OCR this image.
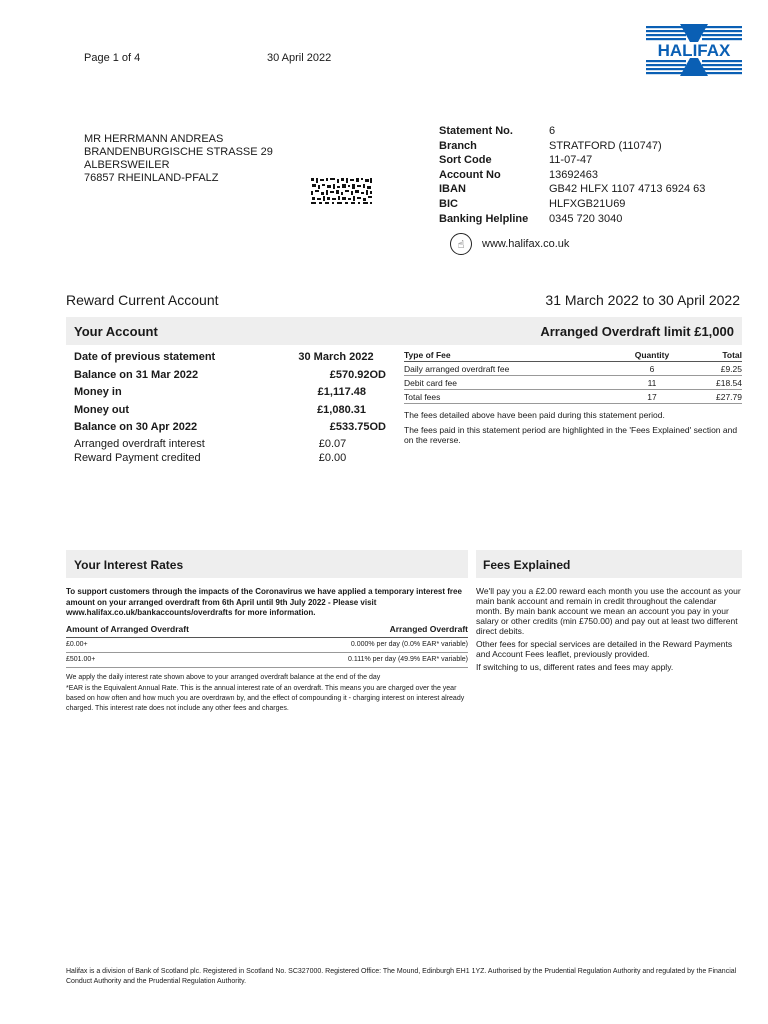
Page 1 of 4	30 April 2022	HALIFAX
MR HERRMANN ANDREAS
BRANDENBURGISCHE STRASSE 29
ALBERSWEILER
76857 RHEINLAND-PFALZ
Statement No.	6
Branch	STRATFORD (110747)
Sort Code	11-07-47
Account No	13692463
IBAN	GB42 HLFX 1107 4713 6924 63
BIC	HLFXGB21U69
Banking Helpline	0345 720 3040
☝	www.halifax.co.uk
Reward Current Account	31 March 2022 to 30 April 2022
Your Account	Arranged Overdraft limit £1,000
Date of previous statement	30 March 2022
Balance on 31 Mar 2022	£570.92OD
Money in	£1,117.48
Money out	£1,080.31
Balance on 30 Apr 2022	£533.75OD
Arranged overdraft interest	£0.07
Reward Payment credited	£0.00
Type of Fee	Quantity	Total
Daily arranged overdraft fee	6	£9.25
Debit card fee	11	£18.54
Total fees	17	£27.79
The fees detailed above have been paid during this statement period.
The fees paid in this statement period are highlighted in the 'Fees Explained' section and on the reverse.
Your Interest Rates	Fees Explained
To support customers through the impacts of the Coronavirus we have applied a temporary interest free amount on your arranged overdraft from 6th April until 9th July 2022 - Please visit www.halifax.co.uk/bankaccounts/overdrafts for more information.
Amount of Arranged Overdraft	Arranged Overdraft
£0.00+	0.000% per day (0.0% EAR* variable)
£501.00+	0.111% per day (49.9% EAR* variable)
We apply the daily interest rate shown above to your arranged overdraft balance at the end of the day
*EAR is the Equivalent Annual Rate. This is the annual interest rate of an overdraft. This means you are charged over the year based on how often and how much you are overdrawn by, and the effect of compounding it - charging interest on interest already charged. This interest rate does not include any other fees and charges.

We'll pay you a £2.00 reward each month you use the account as your main bank account and remain in credit throughout the calendar month. By main bank account we mean an account you pay in your salary or other credits (min £750.00) and pay out at least two different direct debits.

Other fees for special services are detailed in the Reward Payments and Account Fees leaflet, previously provided.

If switching to us, different rates and fees may apply.

Halifax is a division of Bank of Scotland plc. Registered in Scotland No. SC327000. Registered Office: The Mound, Edinburgh EH1 1YZ. Authorised by the Prudential Regulation Authority and regulated by the Financial Conduct Authority and the Prudential Regulation Authority.
